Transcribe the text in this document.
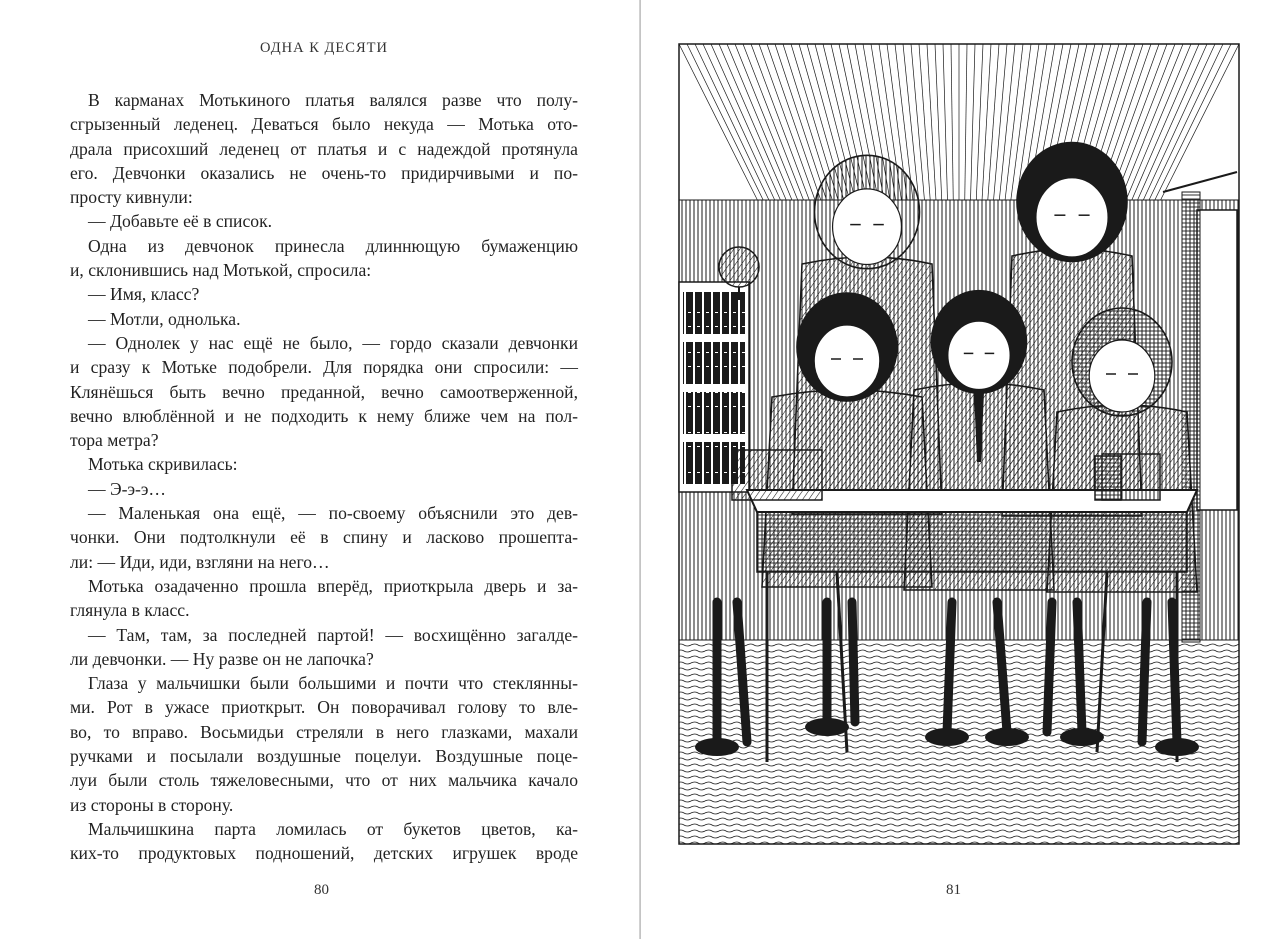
ОДНА К ДЕСЯТИ
В карманах Мотькиного платья валялся разве что полу-
сгрызенный леденец. Деваться было некуда — Мотька ото-
драла присохший леденец от платья и с надеждой протянула
его. Девчонки оказались не очень-то придирчивыми и по-
просту кивнули:
— Добавьте её в список.
Одна из девчонок принесла длиннющую бумаженцию
и, склонившись над Мотькой, спросила:
— Имя, класс?
— Мотли, однолька.
— Однолек у нас ещё не было, — гордо сказали девчонки
и сразу к Мотьке подобрели. Для порядка они спросили: —
Клянёшься быть вечно преданной, вечно самоотверженной,
вечно влюблённой и не подходить к нему ближе чем на пол-
тора метра?
Мотька скривилась:
— Э-э-э…
— Маленькая она ещё, — по-своему объяснили это дев-
чонки. Они подтолкнули её в спину и ласково прошепта-
ли: — Иди, иди, взгляни на него…
Мотька озадаченно прошла вперёд, приоткрыла дверь и за-
глянула в класс.
— Там, там, за последней партой! — восхищённо загалде-
ли девчонки. — Ну разве он не лапочка?
Глаза у мальчишки были большими и почти что стеклянны-
ми. Рот в ужасе приоткрыт. Он поворачивал голову то вле-
во, то вправо. Восьмидьи стреляли в него глазками, махали
ручками и посылали воздушные поцелуи. Воздушные поце-
луи были столь тяжеловесными, что от них мальчика качало
из стороны в сторону.
Мальчишкина парта ломилась от букетов цветов, ка-
ких-то продуктовых подношений, детских игрушек вроде
80	81
